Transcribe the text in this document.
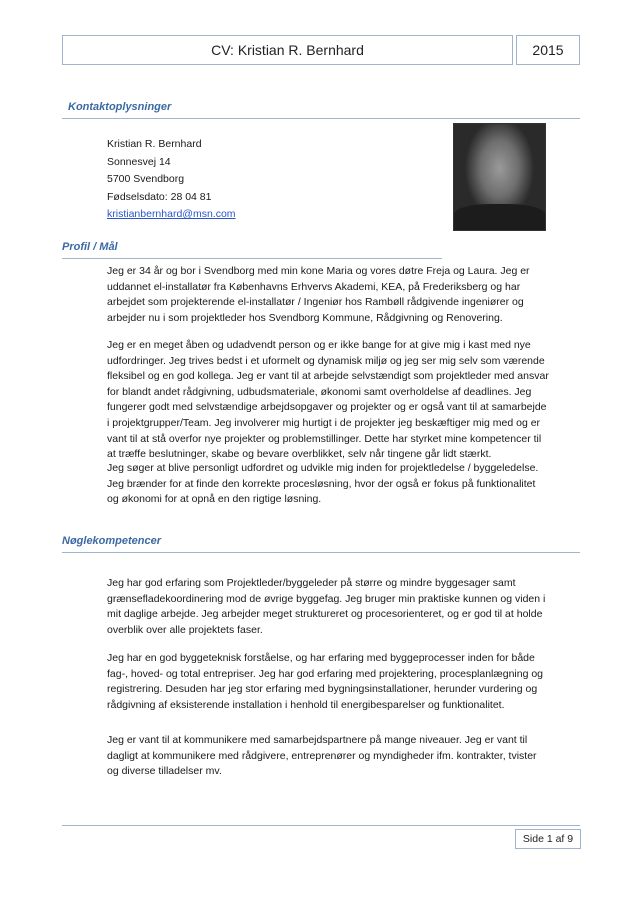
CV: Kristian R. Bernhard	2015
Kontaktoplysninger
Kristian R. Bernhard
Sonnesvej 14
5700 Svendborg
Fødselsdato: 28 04 81
kristianbernhard@msn.com
Profil / Mål
Jeg er 34 år og bor i Svendborg med min kone Maria og vores døtre Freja og Laura. Jeg er uddannet el-installatør fra Københavns Erhvervs Akademi, KEA, på Frederiksberg og har arbejdet som projekterende el-installatør / Ingeniør hos Rambøll rådgivende ingeniører og arbejder nu i som projektleder hos Svendborg Kommune, Rådgivning og Renovering.
Jeg er en meget åben og udadvendt person og er ikke bange for at give mig i kast med nye udfordringer. Jeg trives bedst i et uformelt og dynamisk miljø og jeg ser mig selv som værende fleksibel og en god kollega. Jeg er vant til at arbejde selvstændigt som projektleder med ansvar for blandt andet rådgivning, udbudsmateriale, økonomi samt overholdelse af deadlines. Jeg fungerer godt med selvstændige arbejdsopgaver og projekter og er også vant til at samarbejde i projektgrupper/Team. Jeg involverer mig hurtigt i de projekter jeg beskæftiger mig med og er vant til at stå overfor nye projekter og problemstillinger. Dette har styrket mine kompetencer til at træffe beslutninger, skabe og bevare overblikket, selv når tingene går lidt stærkt.
Jeg søger at blive personligt udfordret og udvikle mig inden for projektledelse / byggeledelse. Jeg brænder for at finde den korrekte procesløsning, hvor der også er fokus på funktionalitet og økonomi for at opnå en den rigtige løsning.
Nøglekompetencer
Jeg har god erfaring som Projektleder/byggeleder på større og mindre byggesager samt grænsefladekoordinering mod de øvrige byggefag. Jeg bruger min praktiske kunnen og viden i mit daglige arbejde. Jeg arbejder meget struktureret og procesorienteret, og er god til at holde overblik over alle projektets faser.
Jeg har en god byggeteknisk forståelse, og har erfaring med byggeprocesser inden for både fag-, hoved- og total entrepriser. Jeg har god erfaring med projektering, procesplanlægning og registrering. Desuden har jeg stor erfaring med bygningsinstallationer, herunder vurdering og rådgivning af eksisterende installation i henhold til energibesparelser og funktionalitet.
Jeg er vant til at kommunikere med samarbejdspartnere på mange niveauer. Jeg er vant til dagligt at kommunikere med rådgivere, entreprenører og myndigheder ifm. kontrakter, tvister og diverse tilladelser mv.
Side 1 af 9
